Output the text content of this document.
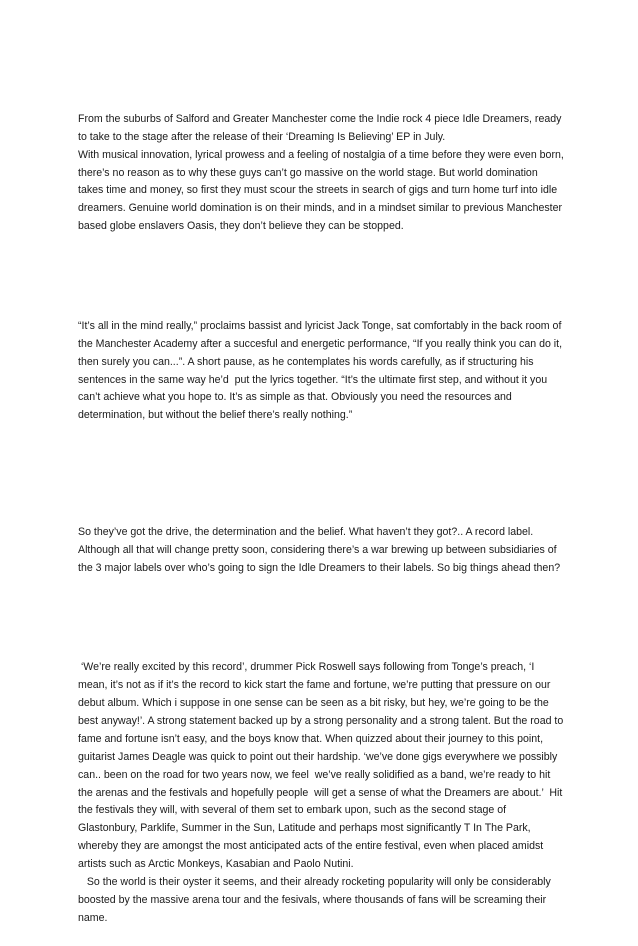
From the suburbs of Salford and Greater Manchester come the Indie rock 4 piece Idle Dreamers, ready to take to the stage after the release of their ‘Dreaming Is Believing’ EP in July.
With musical innovation, lyrical prowess and a feeling of nostalgia of a time before they were even born, there’s no reason as to why these guys can’t go massive on the world stage. But world domination takes time and money, so first they must scour the streets in search of gigs and turn home turf into idle dreamers. Genuine world domination is on their minds, and in a mindset similar to previous Manchester based globe enslavers Oasis, they don’t believe they can be stopped.

“It’s all in the mind really,” proclaims bassist and lyricist Jack Tonge, sat comfortably in the back room of the Manchester Academy after a succesful and energetic performance, “If you really think you can do it, then surely you can...”. A short pause, as he contemplates his words carefully, as if structuring his sentences in the same way he’d  put the lyrics together. “It’s the ultimate first step, and without it you can’t achieve what you hope to. It’s as simple as that. Obviously you need the resources and determination, but without the belief there’s really nothing.”

So they’ve got the drive, the determination and the belief. What haven’t they got?.. A record label. Although all that will change pretty soon, considering there’s a war brewing up between subsidiaries of the 3 major labels over who’s going to sign the Idle Dreamers to their labels. So big things ahead then?

‘We’re really excited by this record’, drummer Pick Roswell says following from Tonge’s preach, ‘I mean, it’s not as if it’s the record to kick start the fame and fortune, we’re putting that pressure on our debut album. Which i suppose in one sense can be seen as a bit risky, but hey, we’re going to be the best anyway!’. A strong statement backed up by a strong personality and a strong talent. But the road to fame and fortune isn’t easy, and the boys know that. When quizzed about their journey to this point, guitarist James Deagle was quick to point out their hardship. ‘we’ve done gigs everywhere we possibly can.. been on the road for two years now, we feel  we’ve really solidified as a band, we’re ready to hit the arenas and the festivals and hopefully people  will get a sense of what the Dreamers are about.’  Hit the festivals they will, with several of them set to embark upon, such as the second stage of Glastonbury, Parklife, Summer in the Sun, Latitude and perhaps most significantly T In The Park, whereby they are amongst the most anticipated acts of the entire festival, even when placed amidst artists such as Arctic Monkeys, Kasabian and Paolo Nutini.
So the world is their oyster it seems, and their already rocketing popularity will only be considerably boosted by the massive arena tour and the fesivals, where thousands of fans will be screaming their name.
